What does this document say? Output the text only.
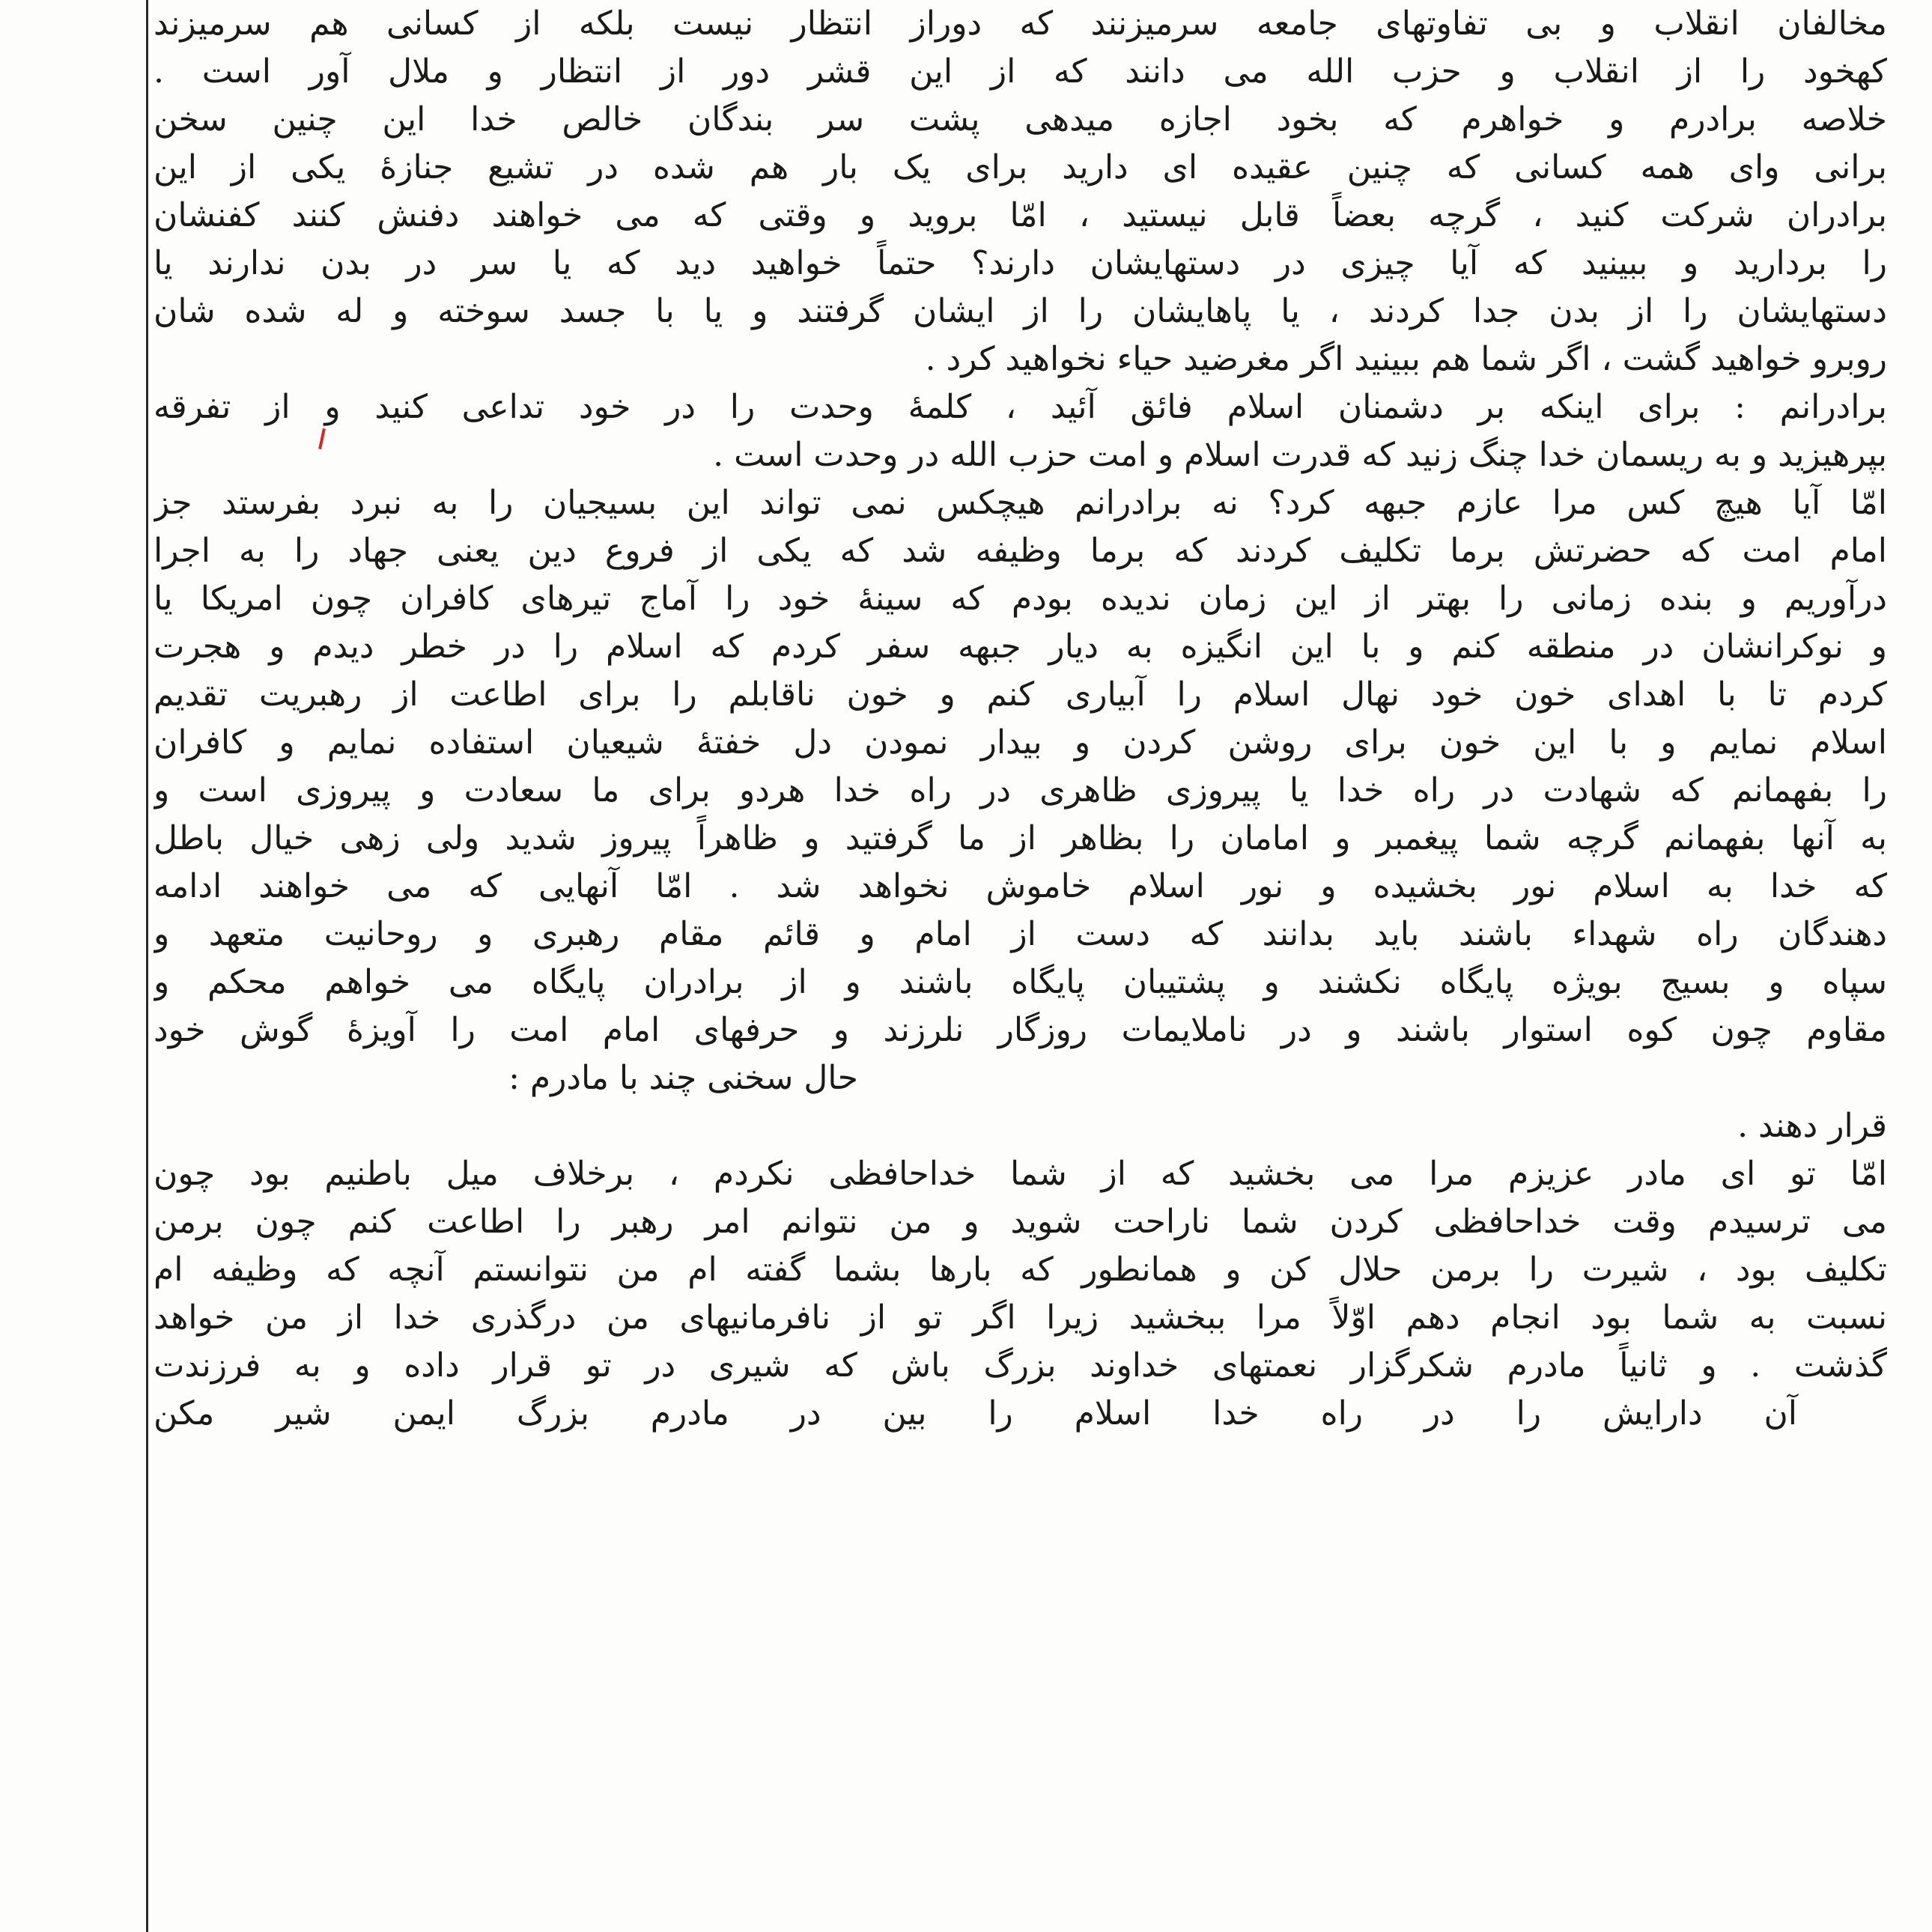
مخالفان انقلاب و بی تفاوتهای جامعه سرمیزنند که دوراز انتظار نیست بلکه از کسانی هم سرمیزند
کهخود را از انقلاب و حزب الله می دانند که از این قشر دور از انتظار و ملال آور است .
خلاصه برادرم و خواهرم که بخود اجازه میدهی پشت سر بندگان خالص خدا این چنین سخن
برانی وای همه کسانی که چنین عقیده ای دارید برای یک بار هم شده در تشیع جنازهٔ یکی از این
برادران شرکت کنید ، گرچه بعضاً قابل نیستید ، امّا بروید و وقتی که می خواهند دفنش کنند کفنشان
را بردارید و ببینید که آیا چیزی در دستهایشان دارند؟ حتماً خواهید دید که یا سر در بدن ندارند یا
دستهایشان را از بدن جدا کردند ، یا پاهایشان را از ایشان گرفتند و یا با جسد سوخته و له شده شان
روبرو خواهید گشت ، اگر شما هم ببینید اگر مغرضید حیاء نخواهید کرد .
برادرانم : برای اینکه بر دشمنان اسلام فائق آئید ، کلمهٔ وحدت را در خود تداعی کنید و از تفرقه
بپرهیزید و به ریسمان خدا چنگ زنید که قدرت اسلام و امت حزب الله در وحدت است .
امّا آیا هیچ کس مرا عازم جبهه کرد؟ نه برادرانم هیچکس نمی تواند این بسیجیان را به نبرد بفرستد جز
امام امت که حضرتش برما تکلیف کردند که برما وظیفه شد که یکی از فروع دین یعنی جهاد را به اجرا
درآوریم و بنده زمانی را بهتر از این زمان ندیده بودم که سینهٔ خود را آماج تیرهای کافران چون امریکا یا
و نوکرانشان در منطقه کنم و با این انگیزه به دیار جبهه سفر کردم که اسلام را در خطر دیدم و هجرت
کردم تا با اهدای خون خود نهال اسلام را آبیاری کنم و خون ناقابلم را برای اطاعت از رهبریت تقدیم
اسلام نمایم و با این خون برای روشن کردن و بیدار نمودن دل خفتهٔ شیعیان استفاده نمایم و کافران
را بفهمانم که شهادت در راه خدا یا پیروزی ظاهری در راه خدا هردو برای ما سعادت و پیروزی است و
به آنها بفهمانم گرچه شما پیغمبر و امامان را بظاهر از ما گرفتید و ظاهراً پیروز شدید ولی زهی خیال باطل
که خدا به اسلام نور بخشیده و نور اسلام خاموش نخواهد شد . امّا آنهایی که می خواهند ادامه
دهندگان راه شهداء باشند باید بدانند که دست از امام و قائم مقام رهبری و روحانیت متعهد و
سپاه و بسیج بویژه پایگاه نکشند و پشتیبان پایگاه باشند و از برادران پایگاه می خواهم محکم و
مقاوم چون کوه استوار باشند و در ناملایمات روزگار نلرزند و حرفهای امام امت را آویزهٔ گوش خود
حال سخنی چند با مادرم :
قرار دهند .
امّا تو ای مادر عزیزم مرا می بخشید که از شما خداحافظی نکردم ، برخلاف میل باطنیم بود چون
می ترسیدم وقت خداحافظی کردن شما ناراحت شوید و من نتوانم امر رهبر را اطاعت کنم چون برمن
تکلیف بود ، شیرت را برمن حلال کن و همانطور که بارها بشما گفته ام من نتوانستم آنچه که وظیفه ام
نسبت به شما بود انجام دهم اوّلاً مرا ببخشید زیرا اگر تو از نافرمانیهای من درگذری خدا از من خواهد
گذشت . و ثانیاً مادرم شکرگزار نعمتهای خداوند بزرگ باش که شیری در تو قرار داده و به فرزندت
آن دارایش را در راه خدا اسلام را بین در مادرم بزرگ ایمن شیر مکن
